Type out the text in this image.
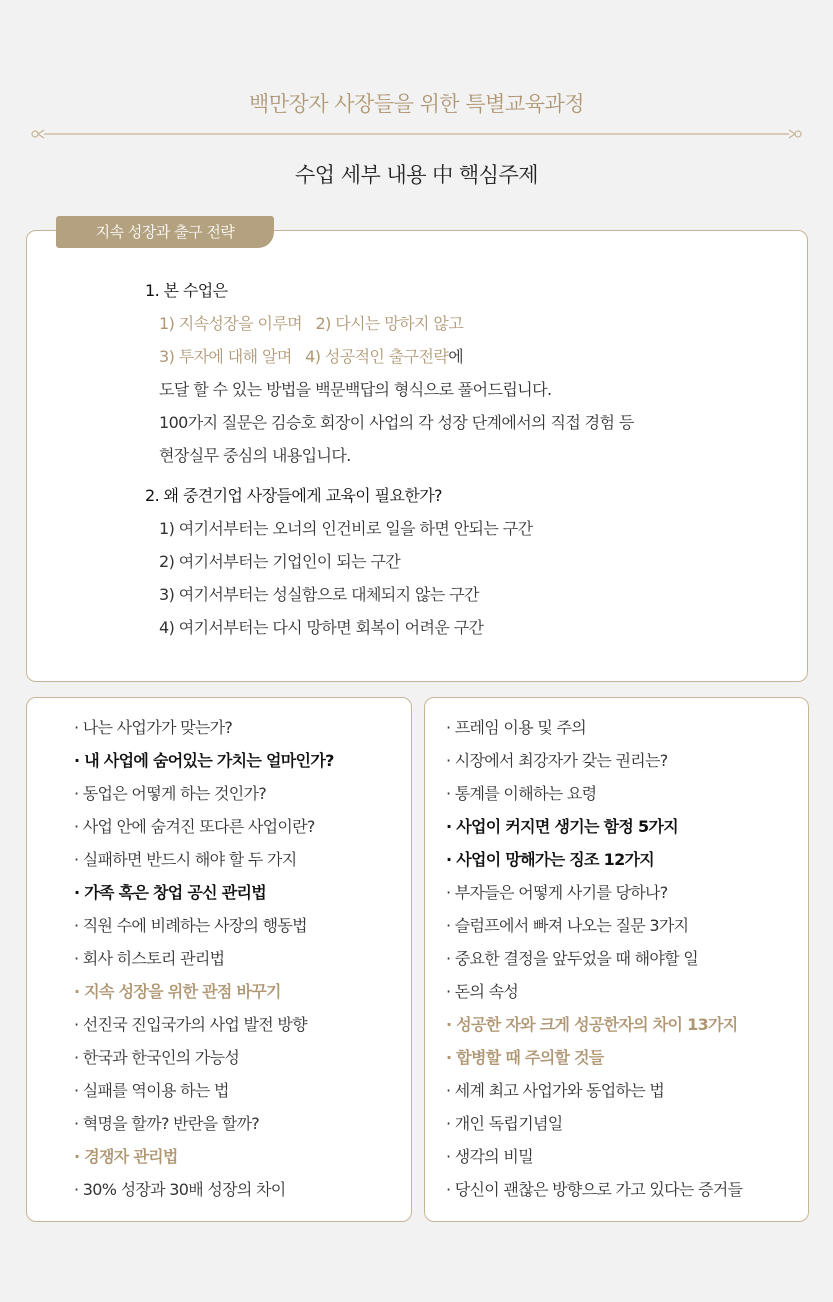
백만장자 사장들을 위한 특별교육과정
수업 세부 내용 中 핵심주제
지속 성장과 출구 전략
1. 본 수업은
1) 지속성장을 이루며 2) 다시는 망하지 않고
3) 투자에 대해 알며 4) 성공적인 출구전략에
도달 할 수 있는 방법을 백문백답의 형식으로 풀어드립니다.
100가지 질문은 김승호 회장이 사업의 각 성장 단계에서의 직접 경험 등
현장실무 중심의 내용입니다.
2. 왜 중견기업 사장들에게 교육이 필요한가?
1) 여기서부터는 오너의 인건비로 일을 하면 안되는 구간
2) 여기서부터는 기업인이 되는 구간
3) 여기서부터는 성실함으로 대체되지 않는 구간
4) 여기서부터는 다시 망하면 회복이 어려운 구간
· 나는 사업가가 맞는가?
· 내 사업에 숨어있는 가치는 얼마인가?
· 동업은 어떻게 하는 것인가?
· 사업 안에 숨겨진 또다른 사업이란?
· 실패하면 반드시 해야 할 두 가지
· 가족 혹은 창업 공신 관리법
· 직원 수에 비례하는 사장의 행동법
· 회사 히스토리 관리법
· 지속 성장을 위한 관점 바꾸기
· 선진국 진입국가의 사업 발전 방향
· 한국과 한국인의 가능성
· 실패를 역이용 하는 법
· 혁명을 할까? 반란을 할까?
· 경쟁자 관리법
· 30% 성장과 30배 성장의 차이
· 프레임 이용 및 주의
· 시장에서 최강자가 갖는 권리는?
· 통계를 이해하는 요령
· 사업이 커지면 생기는 함정 5가지
· 사업이 망해가는 징조 12가지
· 부자들은 어떻게 사기를 당하나?
· 슬럼프에서 빠져 나오는 질문 3가지
· 중요한 결정을 앞두었을 때 해야할 일
· 돈의 속성
· 성공한 자와 크게 성공한자의 차이 13가지
· 합병할 때 주의할 것들
· 세계 최고 사업가와 동업하는 법
· 개인 독립기념일
· 생각의 비밀
· 당신이 괜찮은 방향으로 가고 있다는 증거들
